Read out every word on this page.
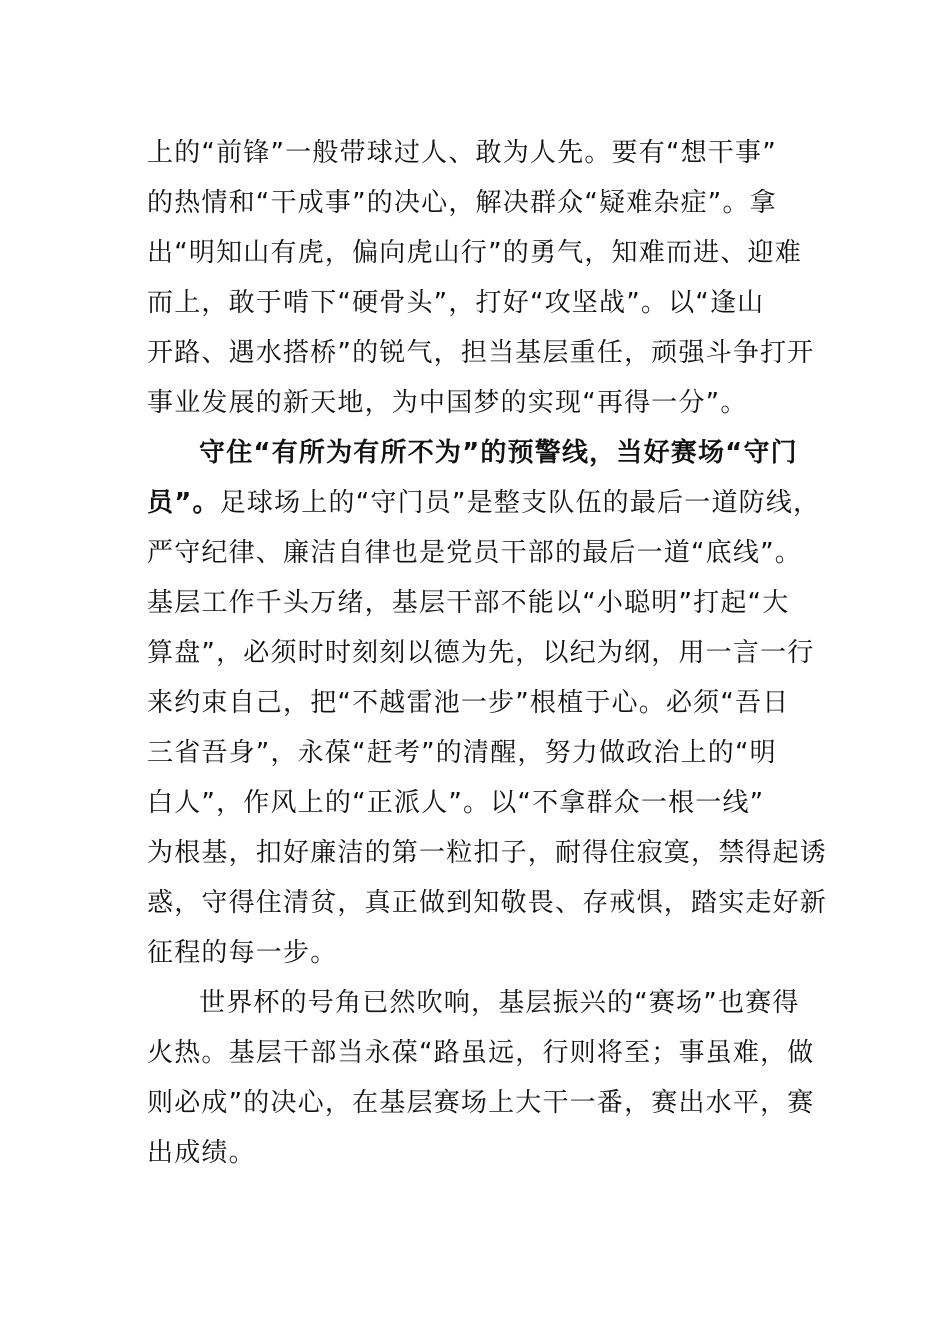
上的“前锋”一般带球过人、敢为人先。要有“想干事”
的热情和“干成事”的决心，解决群众“疑难杂症”。拿
出“明知山有虎，偏向虎山行”的勇气，知难而进、迎难
而上，敢于啃下“硬骨头”，打好“攻坚战”。以“逢山
开路、遇水搭桥”的锐气，担当基层重任，顽强斗争打开
事业发展的新天地，为中国梦的实现“再得一分”。
守住“有所为有所不为”的预警线，当好赛场“守门
员”。足球场上的“守门员”是整支队伍的最后一道防线，
严守纪律、廉洁自律也是党员干部的最后一道“底线”。
基层工作千头万绪，基层干部不能以“小聪明”打起“大
算盘”，必须时时刻刻以德为先，以纪为纲，用一言一行
来约束自己，把“不越雷池一步”根植于心。必须“吾日
三省吾身”，永葆“赶考”的清醒，努力做政治上的“明
白人”，作风上的“正派人”。以“不拿群众一根一线”
为根基，扣好廉洁的第一粒扣子，耐得住寂寞，禁得起诱
惑，守得住清贫，真正做到知敬畏、存戒惧，踏实走好新
征程的每一步。
世界杯的号角已然吹响，基层振兴的“赛场”也赛得
火热。基层干部当永葆“路虽远，行则将至；事虽难，做
则必成”的决心，在基层赛场上大干一番，赛出水平，赛
出成绩。
